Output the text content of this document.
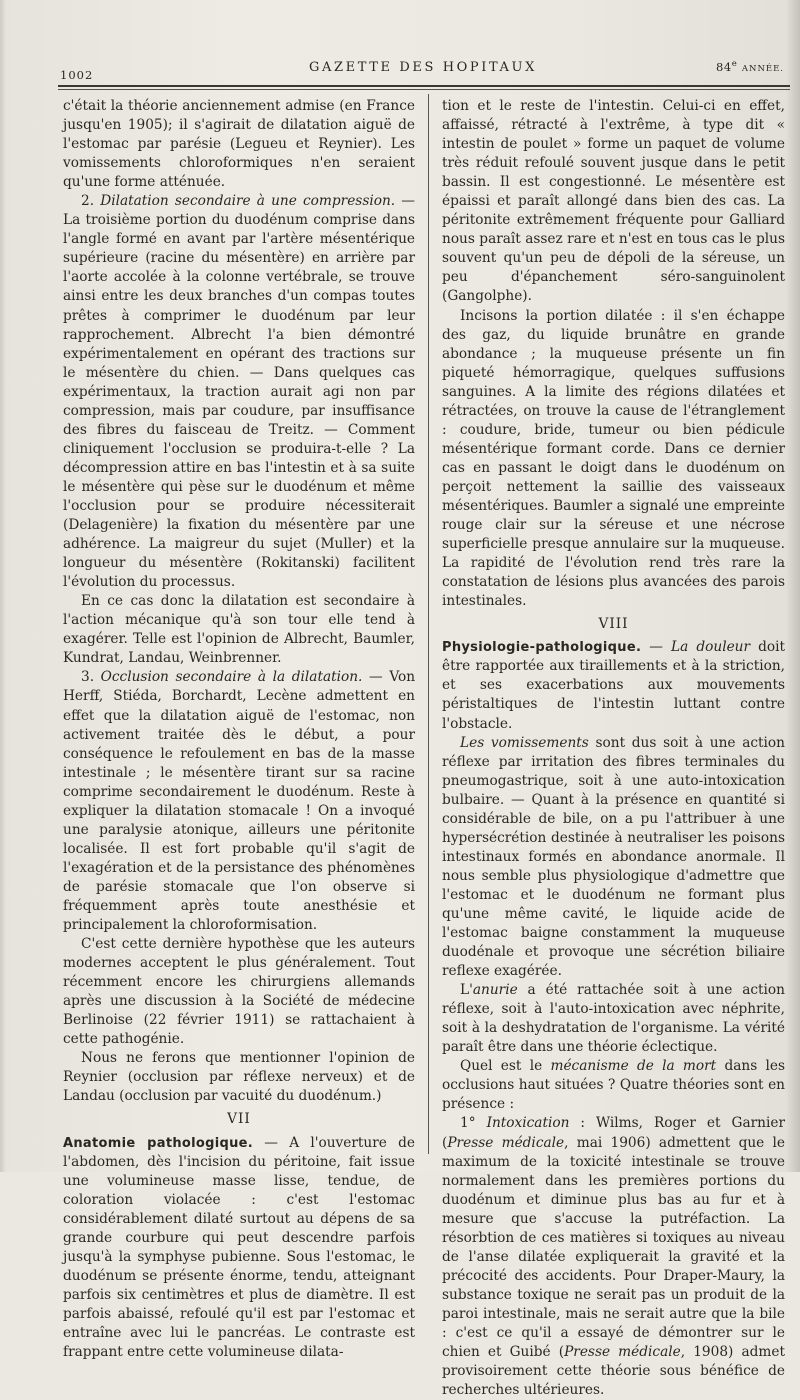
1002	GAZETTE DES HOPITAUX	84e ANNÉE.

c'était la théorie anciennement admise (en France jusqu'en 1905); il s'agirait de dilatation aiguë de l'estomac par parésie (Legueu et Reynier). Les vomissements chloroformiques n'en seraient qu'une forme atténuée.

2. Dilatation secondaire à une compression. — La troisième portion du duodénum comprise dans l'angle formé en avant par l'artère mésentérique supérieure (racine du mésentère) en arrière par l'aorte accolée à la colonne vertébrale, se trouve ainsi entre les deux branches d'un compas toutes prêtes à comprimer le duodénum par leur rapprochement. Albrecht l'a bien démontré expérimentalement en opérant des tractions sur le mésentère du chien. — Dans quelques cas expérimentaux, la traction aurait agi non par compression, mais par coudure, par insuffisance des fibres du faisceau de Treitz. — Comment cliniquement l'occlusion se produira-t-elle ? La décompression attire en bas l'intestin et à sa suite le mésentère qui pèse sur le duodénum et même l'occlusion pour se produire nécessiterait (Delagenière) la fixation du mésentère par une adhérence. La maigreur du sujet (Muller) et la longueur du mésentère (Rokitanski) facilitent l'évolution du processus.

En ce cas donc la dilatation est secondaire à l'action mécanique qu'à son tour elle tend à exagérer. Telle est l'opinion de Albrecht, Baumler, Kundrat, Landau, Weinbrenner.

3. Occlusion secondaire à la dilatation. — Von Herff, Stiéda, Borchardt, Lecène admettent en effet que la dilatation aiguë de l'estomac, non activement traitée dès le début, a pour conséquence le refoulement en bas de la masse intestinale ; le mésentère tirant sur sa racine comprime secondairement le duodénum. Reste à expliquer la dilatation stomacale ! On a invoqué une paralysie atonique, ailleurs une péritonite localisée. Il est fort probable qu'il s'agit de l'exagération et de la persistance des phénomènes de parésie stomacale que l'on observe si fréquemment après toute anesthésie et principalement la chloroformisation.

C'est cette dernière hypothèse que les auteurs modernes acceptent le plus généralement. Tout récemment encore les chirurgiens allemands après une discussion à la Société de médecine Berlinoise (22 février 1911) se rattachaient à cette pathogénie.

Nous ne ferons que mentionner l'opinion de Reynier (occlusion par réflexe nerveux) et de Landau (occlusion par vacuité du duodénum.)

VII

Anatomie pathologique. — A l'ouverture de l'abdomen, dès l'incision du péritoine, fait issue une volumineuse masse lisse, tendue, de coloration violacée : c'est l'estomac considérablement dilaté surtout au dépens de sa grande courbure qui peut descendre parfois jusqu'à la symphyse pubienne. Sous l'estomac, le duodénum se présente énorme, tendu, atteignant parfois six centimètres et plus de diamètre. Il est parfois abaissé, refoulé qu'il est par l'estomac et entraîne avec lui le pancréas. Le contraste est frappant entre cette volumineuse dilata-

tion et le reste de l'intestin. Celui-ci en effet, affaissé, rétracté à l'extrême, à type dit « intestin de poulet » forme un paquet de volume très réduit refoulé souvent jusque dans le petit bassin. Il est congestionné. Le mésentère est épaissi et paraît allongé dans bien des cas. La péritonite extrêmement fréquente pour Galliard nous paraît assez rare et n'est en tous cas le plus souvent qu'un peu de dépoli de la séreuse, un peu d'épanchement séro-sanguinolent (Gangolphe).

Incisons la portion dilatée : il s'en échappe des gaz, du liquide brunâtre en grande abondance ; la muqueuse présente un fin piqueté hémorragique, quelques suffusions sanguines. A la limite des régions dilatées et rétractées, on trouve la cause de l'étranglement : coudure, bride, tumeur ou bien pédicule mésentérique formant corde. Dans ce dernier cas en passant le doigt dans le duodénum on perçoit nettement la saillie des vaisseaux mésentériques. Baumler a signalé une empreinte rouge clair sur la séreuse et une nécrose superficielle presque annulaire sur la muqueuse. La rapidité de l'évolution rend très rare la constatation de lésions plus avancées des parois intestinales.

VIII

Physiologie-pathologique. — La douleur doit être rapportée aux tiraillements et à la striction, et ses exacerbations aux mouvements péristaltiques de l'intestin luttant contre l'obstacle.

Les vomissements sont dus soit à une action réflexe par irritation des fibres terminales du pneumogastrique, soit à une auto-intoxication bulbaire. — Quant à la présence en quantité si considérable de bile, on a pu l'attribuer à une hypersécrétion destinée à neutraliser les poisons intestinaux formés en abondance anormale. Il nous semble plus physiologique d'admettre que l'estomac et le duodénum ne formant plus qu'une même cavité, le liquide acide de l'estomac baigne constamment la muqueuse duodénale et provoque une sécrétion biliaire reflexe exagérée.

L'anurie a été rattachée soit à une action réflexe, soit à l'auto-intoxication avec néphrite, soit à la deshydratation de l'organisme. La vérité paraît être dans une théorie éclectique.

Quel est le mécanisme de la mort dans les occlusions haut situées ? Quatre théories sont en présence :

1° Intoxication : Wilms, Roger et Garnier (Presse médicale, mai 1906) admettent que le maximum de la toxicité intestinale se trouve normalement dans les premières portions du duodénum et diminue plus bas au fur et à mesure que s'accuse la putréfaction. La résorbtion de ces matières si toxiques au niveau de l'anse dilatée expliquerait la gravité et la précocité des accidents. Pour Draper-Maury, la substance toxique ne serait pas un produit de la paroi intestinale, mais ne serait autre que la bile : c'est ce qu'il a essayé de démontrer sur le chien et Guibé (Presse médicale, 1908) admet provisoirement cette théorie sous bénéfice de recherches ultérieures.
